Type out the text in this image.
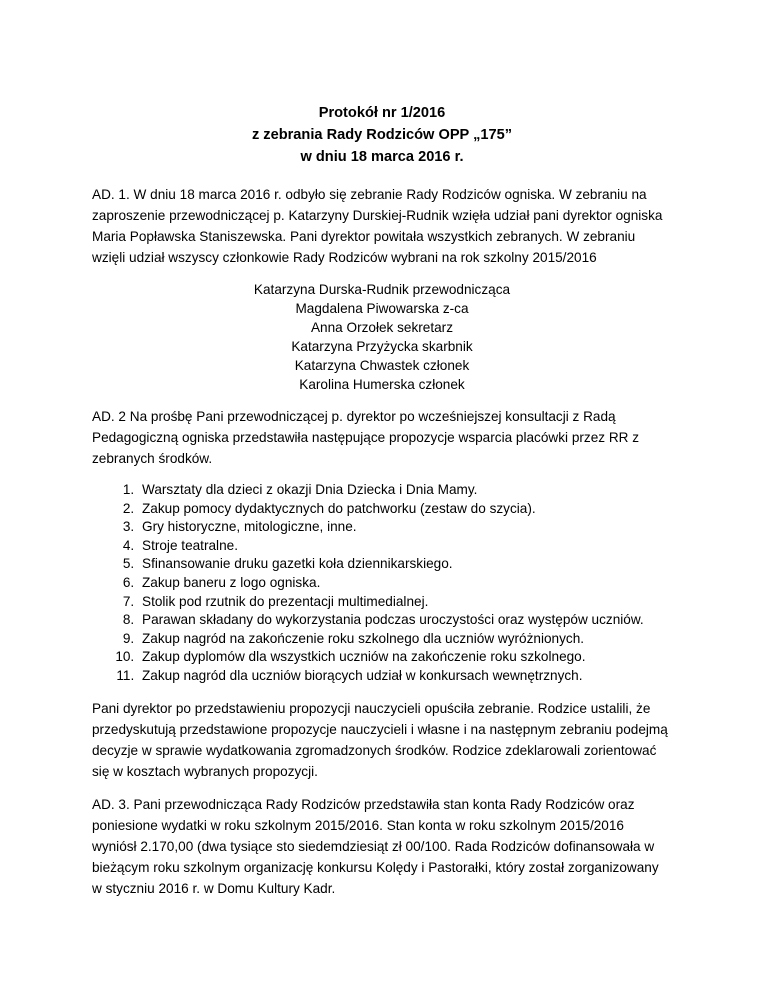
Protokół nr 1/2016
z zebrania Rady Rodziców OPP „175”
w dniu 18 marca 2016 r.

AD. 1. W dniu 18 marca 2016 r. odbyło się zebranie Rady Rodziców ogniska. W zebraniu na zaproszenie przewodniczącej p. Katarzyny Durskiej-Rudnik wzięła udział pani dyrektor ogniska Maria Popławska Staniszewska. Pani dyrektor powitała wszystkich zebranych. W zebraniu wzięli udział wszyscy członkowie Rady Rodziców wybrani na rok szkolny 2015/2016

Katarzyna Durska-Rudnik przewodnicząca
Magdalena Piwowarska z-ca
Anna Orzołek sekretarz
Katarzyna Przyżycka skarbnik
Katarzyna Chwastek członek
Karolina Humerska członek

AD. 2 Na prośbę Pani przewodniczącej p. dyrektor po wcześniejszej konsultacji z Radą Pedagogiczną ogniska przedstawiła następujące propozycje wsparcia placówki przez RR z zebranych środków.

1. Warsztaty dla dzieci z okazji Dnia Dziecka i Dnia Mamy.
2. Zakup pomocy dydaktycznych do patchworku (zestaw do szycia).
3. Gry historyczne, mitologiczne, inne.
4. Stroje teatralne.
5. Sfinansowanie druku gazetki koła dziennikarskiego.
6. Zakup baneru z logo ogniska.
7. Stolik pod rzutnik do prezentacji multimedialnej.
8. Parawan składany do wykorzystania podczas uroczystości oraz występów uczniów.
9. Zakup nagród na zakończenie roku szkolnego dla uczniów wyróżnionych.
10. Zakup dyplomów dla wszystkich uczniów na zakończenie roku szkolnego.
11. Zakup nagród dla uczniów biorących udział w konkursach wewnętrznych.

Pani dyrektor po przedstawieniu propozycji nauczycieli opuściła zebranie. Rodzice ustalili, że przedyskutują przedstawione propozycje nauczycieli i własne i na następnym zebraniu podejmą decyzje w sprawie wydatkowania zgromadzonych środków. Rodzice zdeklarowali zorientować się w kosztach wybranych propozycji.

AD. 3. Pani przewodnicząca Rady Rodziców przedstawiła stan konta Rady Rodziców oraz poniesione wydatki w roku szkolnym 2015/2016. Stan konta w roku szkolnym 2015/2016 wyniósł 2.170,00 (dwa tysiące sto siedemdziesiąt zł 00/100. Rada Rodziców dofinansowała w bieżącym roku szkolnym organizację konkursu Kolędy i Pastorałki, który został zorganizowany w styczniu 2016 r. w Domu Kultury Kadr.
